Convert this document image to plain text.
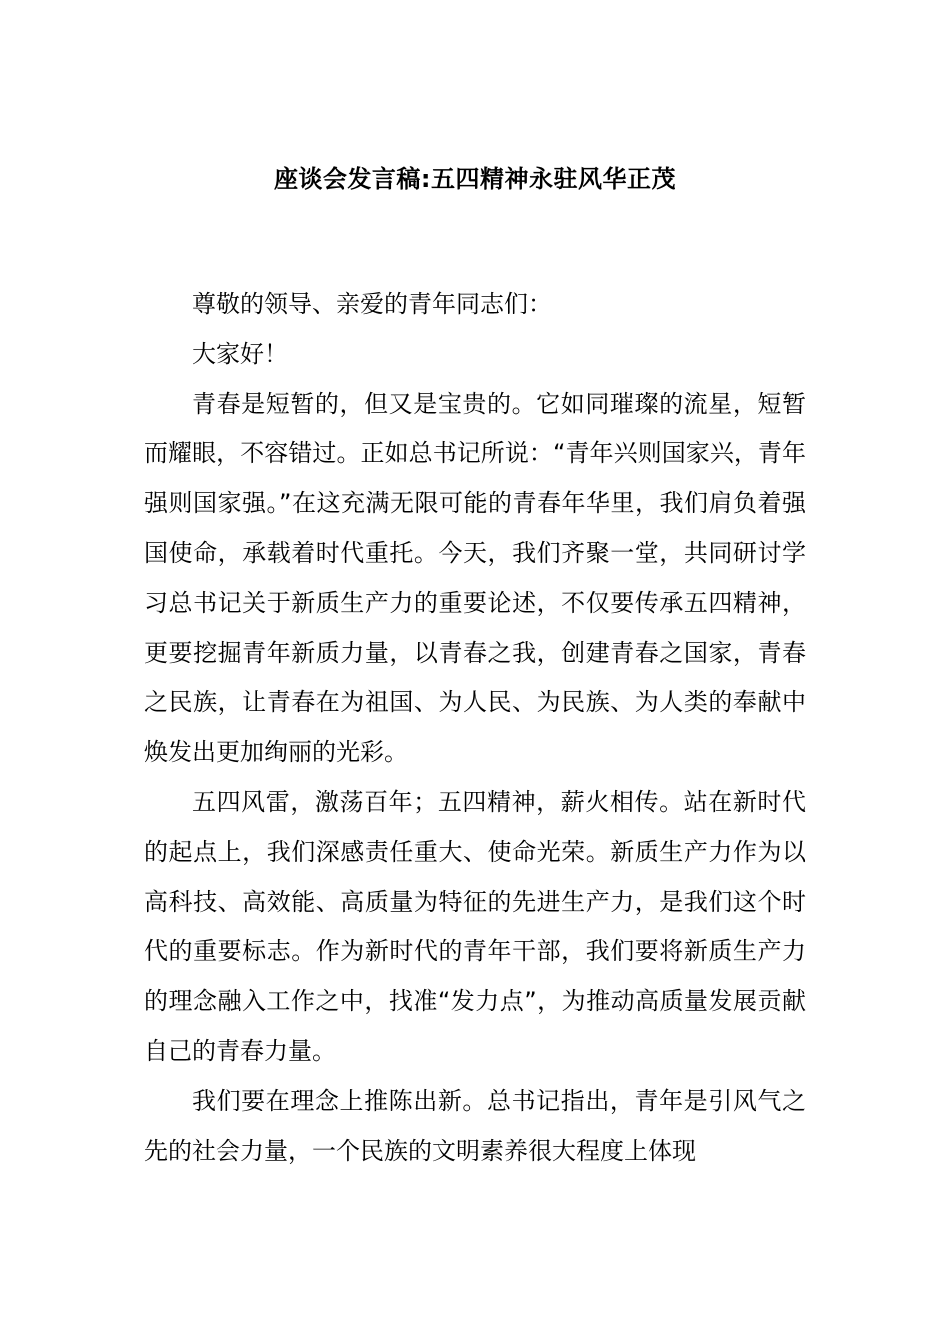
座谈会发言稿:五四精神永驻风华正茂

尊敬的领导、亲爱的青年同志们：

大家好！

青春是短暂的，但又是宝贵的。它如同璀璨的流星，短暂而耀眼，不容错过。正如总书记所说：“青年兴则国家兴，青年强则国家强。”在这充满无限可能的青春年华里，我们肩负着强国使命，承载着时代重托。今天，我们齐聚一堂，共同研讨学习总书记关于新质生产力的重要论述，不仅要传承五四精神，更要挖掘青年新质力量，以青春之我，创建青春之国家，青春之民族，让青春在为祖国、为人民、为民族、为人类的奉献中焕发出更加绚丽的光彩。

五四风雷，激荡百年；五四精神，薪火相传。站在新时代的起点上，我们深感责任重大、使命光荣。新质生产力作为以高科技、高效能、高质量为特征的先进生产力，是我们这个时代的重要标志。作为新时代的青年干部，我们要将新质生产力的理念融入工作之中，找准“发力点”，为推动高质量发展贡献自己的青春力量。

我们要在理念上推陈出新。总书记指出，青年是引风气之先的社会力量，一个民族的文明素养很大程度上体现
